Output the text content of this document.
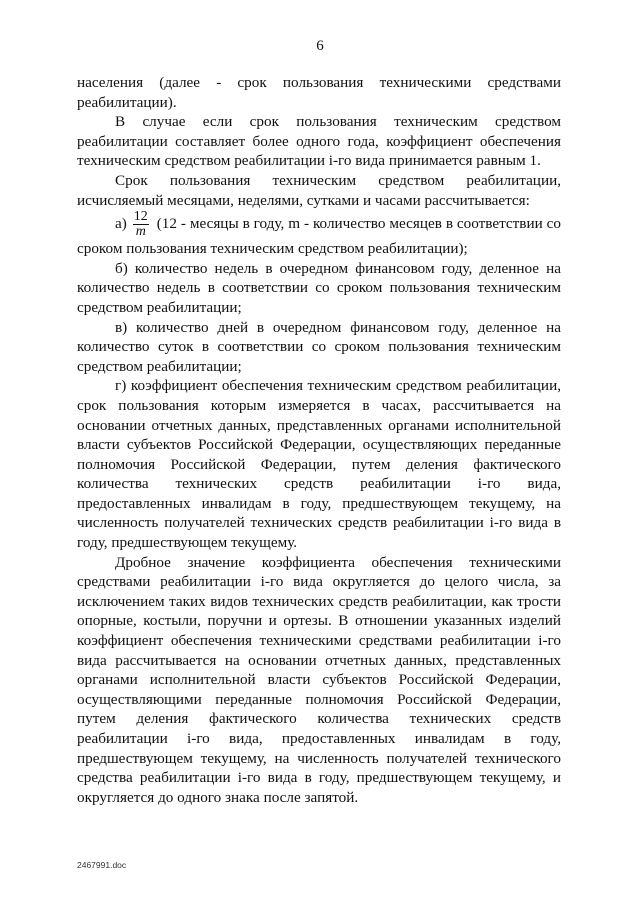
6

населения (далее - срок пользования техническими средствами реабилитации).

В случае если срок пользования техническим средством реабилитации составляет более одного года, коэффициент обеспечения техническим средством реабилитации i-го вида принимается равным 1.

Срок пользования техническим средством реабилитации, исчисляемый месяцами, неделями, сутками и часами рассчитывается:

$а) \frac{12}{m} (12$ - месяцы в году, m - количество месяцев в соответствии со сроком пользования техническим средством реабилитации);

б) количество недель в очередном финансовом году, деленное на количество недель в соответствии со сроком пользования техническим средством реабилитации;

в) количество дней в очередном финансовом году, деленное на количество суток в соответствии со сроком пользования техническим средством реабилитации;

г) коэффициент обеспечения техническим средством реабилитации, срок пользования которым измеряется в часах, рассчитывается на основании отчетных данных, представленных органами исполнительной власти субъектов Российской Федерации, осуществляющих переданные полномочия Российской Федерации, путем деления фактического количества технических средств реабилитации i-го вида, предоставленных инвалидам в году, предшествующем текущему, на численность получателей технических средств реабилитации i-го вида в году, предшествующем текущему.

Дробное значение коэффициента обеспечения техническими средствами реабилитации i-го вида округляется до целого числа, за исключением таких видов технических средств реабилитации, как трости опорные, костыли, поручни и ортезы. В отношении указанных изделий коэффициент обеспечения техническими средствами реабилитации i-го вида рассчитывается на основании отчетных данных, представленных органами исполнительной власти субъектов Российской Федерации, осуществляющими переданные полномочия Российской Федерации, путем деления фактического количества технических средств реабилитации i-го вида, предоставленных инвалидам в году, предшествующем текущему, на численность получателей технического средства реабилитации i-го вида в году, предшествующем текущему, и округляется до одного знака после запятой.

2467991.doc
